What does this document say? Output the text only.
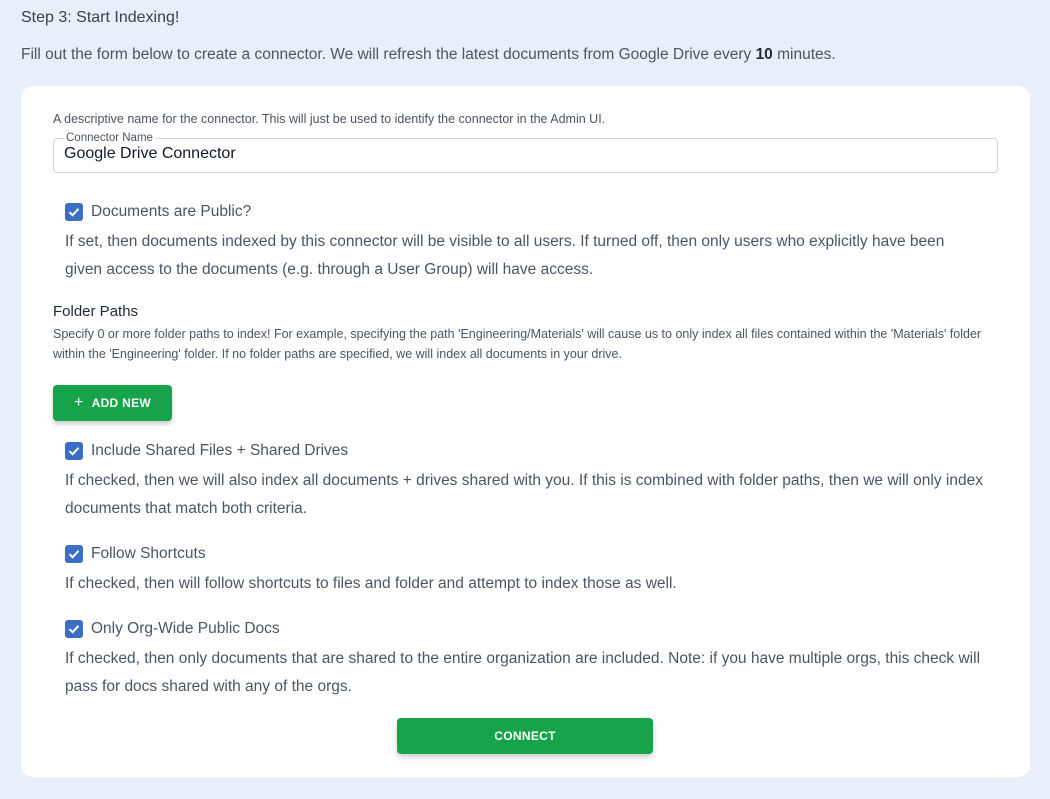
Step 3: Start Indexing!
Fill out the form below to create a connector. We will refresh the latest documents from Google Drive every 10 minutes.
A descriptive name for the connector. This will just be used to identify the connector in the Admin UI.
Connector Name
Google Drive Connector
Documents are Public?
If set, then documents indexed by this connector will be visible to all users. If turned off, then only users who explicitly have been given access to the documents (e.g. through a User Group) will have access.
Folder Paths
Specify 0 or more folder paths to index! For example, specifying the path 'Engineering/Materials' will cause us to only index all files contained within the 'Materials' folder within the 'Engineering' folder. If no folder paths are specified, we will index all documents in your drive.
+ ADD NEW
Include Shared Files + Shared Drives
If checked, then we will also index all documents + drives shared with you. If this is combined with folder paths, then we will only index documents that match both criteria.
Follow Shortcuts
If checked, then will follow shortcuts to files and folder and attempt to index those as well.
Only Org-Wide Public Docs
If checked, then only documents that are shared to the entire organization are included. Note: if you have multiple orgs, this check will pass for docs shared with any of the orgs.
CONNECT
